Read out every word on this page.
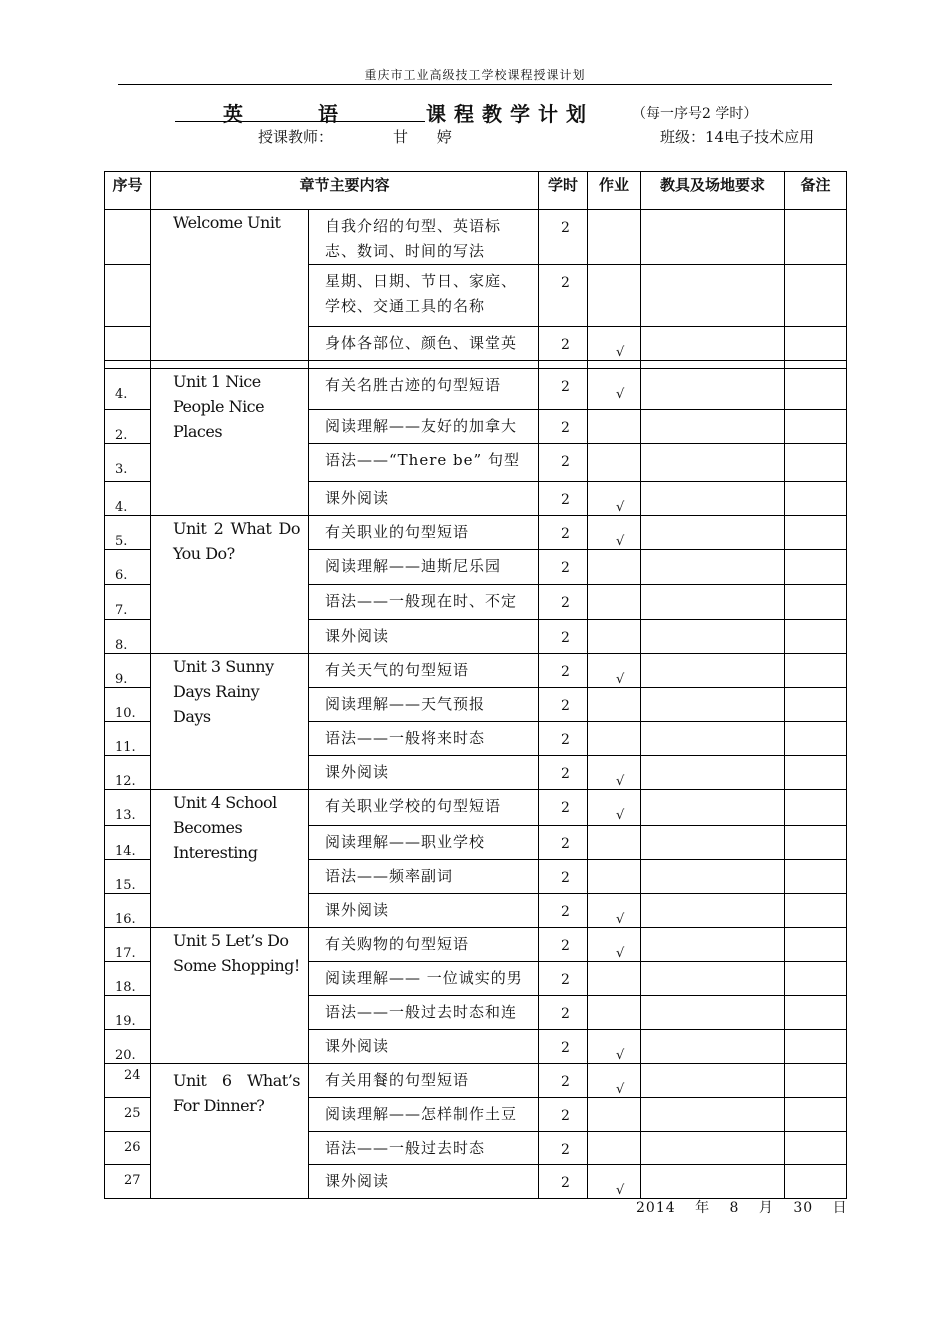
重庆市工业高级技工学校课程授课计划
英 语	课程教学计划	（每一序号2 学时）
授课教师：	甘 婷	班级：14电子技术应用
序号	章节主要内容		学时	作业	教具及场地要求	备注

	Welcome Unit	自我介绍的句型、英语标志、数词、时间的写法	2			

		星期、日期、节日、家庭、学校、交通工具的名称	2			

		身体各部位、颜色、课堂英	2	√		

4.	Unit 1 Nice People Nice Places	有关名胜古迹的句型短语	2	√		
2.		阅读理解——友好的加拿大	2			
3.		语法——“There be” 句型	2			
4.		课外阅读	2	√		
5.	Unit 2 What Do You Do?	有关职业的句型短语	2	√		
6.		阅读理解——迪斯尼乐园	2			
7.		语法——一般现在时、不定	2			
8.		课外阅读	2			
9.	Unit 3 Sunny Days Rainy Days	有关天气的句型短语	2	√		
10.		阅读理解——天气预报	2			
11.		语法——一般将来时态	2			
12.		课外阅读	2	√		
13.	Unit 4 School Becomes Interesting	有关职业学校的句型短语	2	√		
14.		阅读理解——职业学校	2			
15.		语法——频率副词	2			
16.		课外阅读	2	√		
17.	Unit 5 Let’s Do Some Shopping!	有关购物的句型短语	2	√		
18.		阅读理解—— 一位诚实的男	2			
19.		语法——一般过去时态和连	2			
20.		课外阅读	2	√		
24	Unit 6 What’s For Dinner?	有关用餐的句型短语	2	√		
25		阅读理解——怎样制作土豆	2			
26		语法——一般过去时态	2			
27		课外阅读	2	√		
2014 年 8 月 30 日
